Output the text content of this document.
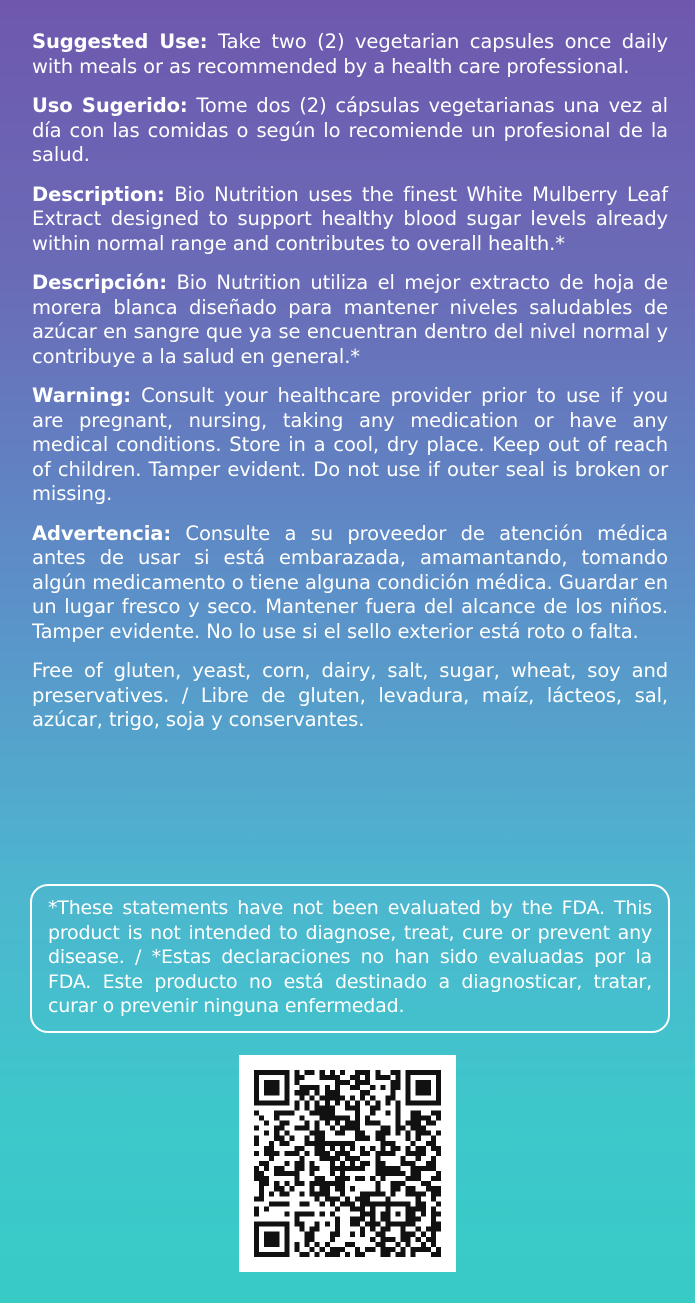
Suggested Use: Take two (2) vegetarian capsules once daily with meals or as recommended by a health care professional.

Uso Sugerido: Tome dos (2) cápsulas vegetarianas una vez al día con las comidas o según lo recomiende un profesional de la salud.

Description: Bio Nutrition uses the finest White Mulberry Leaf Extract designed to support healthy blood sugar levels already within normal range and contributes to overall health.*

Descripción: Bio Nutrition utiliza el mejor extracto de hoja de morera blanca diseñado para mantener niveles saludables de azúcar en sangre que ya se encuentran dentro del nivel normal y contribuye a la salud en general.*

Warning: Consult your healthcare provider prior to use if you are pregnant, nursing, taking any medication or have any medical conditions. Store in a cool, dry place. Keep out of reach of children. Tamper evident. Do not use if outer seal is broken or missing.

Advertencia: Consulte a su proveedor de atención médica antes de usar si está embarazada, amamantando, tomando algún medicamento o tiene alguna condición médica. Guardar en un lugar fresco y seco. Mantener fuera del alcance de los niños. Tamper evidente. No lo use si el sello exterior está roto o falta.

Free of gluten, yeast, corn, dairy, salt, sugar, wheat, soy and preservatives. / Libre de gluten, levadura, maíz, lácteos, sal, azúcar, trigo, soja y conservantes.

*These statements have not been evaluated by the FDA. This product is not intended to diagnose, treat, cure or prevent any disease. / *Estas declaraciones no han sido evaluadas por la FDA. Este producto no está destinado a diagnosticar, tratar, curar o prevenir ninguna enfermedad.
